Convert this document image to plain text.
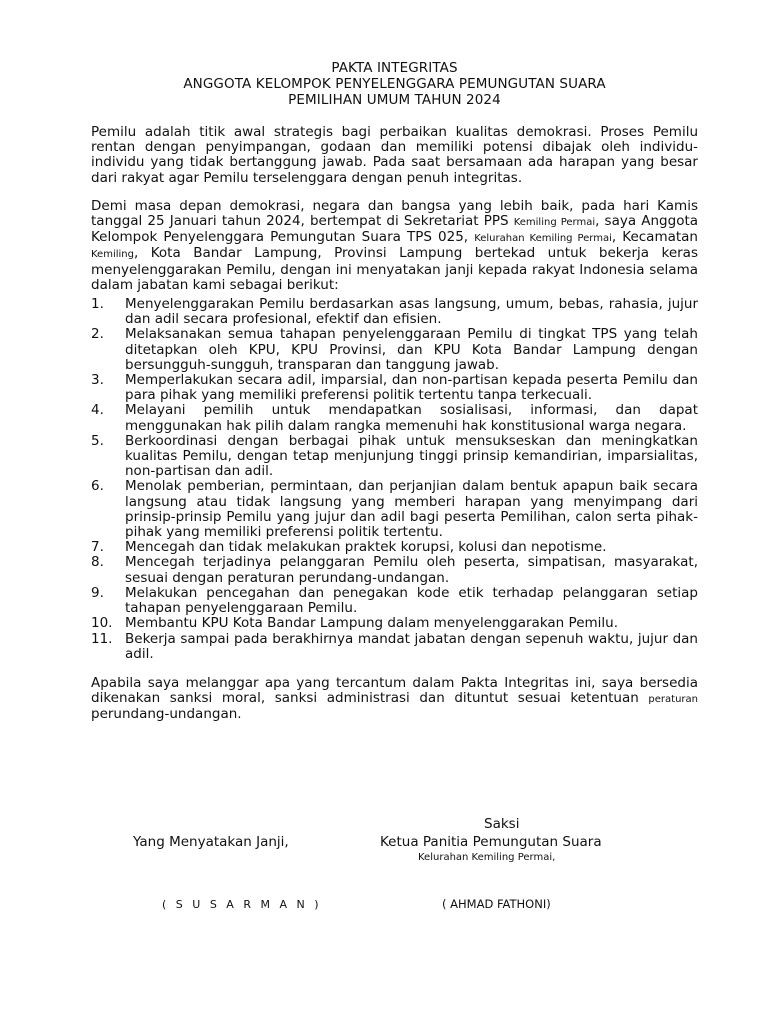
PAKTA INTEGRITAS
ANGGOTA KELOMPOK PENYELENGGARA PEMUNGUTAN SUARA
PEMILIHAN UMUM TAHUN 2024

Pemilu adalah titik awal strategis bagi perbaikan kualitas demokrasi. Proses Pemilu rentan dengan penyimpangan, godaan dan memiliki potensi dibajak oleh individu-individu yang tidak bertanggung jawab. Pada saat bersamaan ada harapan yang besar dari rakyat agar Pemilu terselenggara dengan penuh integritas.

Demi masa depan demokrasi, negara dan bangsa yang lebih baik, pada hari Kamis tanggal 25 Januari tahun 2024, bertempat di Sekretariat PPS Kemiling Permai, saya Anggota Kelompok Penyelenggara Pemungutan Suara TPS 025, Kelurahan Kemiling Permai, Kecamatan Kemiling, Kota Bandar Lampung, Provinsi Lampung bertekad untuk bekerja keras menyelenggarakan Pemilu, dengan ini menyatakan janji kepada rakyat Indonesia selama dalam jabatan kami sebagai berikut:

1.	Menyelenggarakan Pemilu berdasarkan asas langsung, umum, bebas, rahasia, jujur dan adil secara profesional, efektif dan efisien.
2.	Melaksanakan semua tahapan penyelenggaraan Pemilu di tingkat TPS yang telah ditetapkan oleh KPU, KPU Provinsi, dan KPU Kota Bandar Lampung dengan bersungguh-sungguh, transparan dan tanggung jawab.
3.	Memperlakukan secara adil, imparsial, dan non-partisan kepada peserta Pemilu dan para pihak yang memiliki preferensi politik tertentu tanpa terkecuali.
4.	Melayani pemilih untuk mendapatkan sosialisasi, informasi, dan dapat menggunakan hak pilih dalam rangka memenuhi hak konstitusional warga negara.
5.	Berkoordinasi dengan berbagai pihak untuk mensukseskan dan meningkatkan kualitas Pemilu, dengan tetap menjunjung tinggi prinsip kemandirian, imparsialitas, non-partisan dan adil.
6.	Menolak pemberian, permintaan, dan perjanjian dalam bentuk apapun baik secara langsung atau tidak langsung yang memberi harapan yang menyimpang dari prinsip-prinsip Pemilu yang jujur dan adil bagi peserta Pemilihan, calon serta pihak-pihak yang memiliki preferensi politik tertentu.
7.	Mencegah dan tidak melakukan praktek korupsi, kolusi dan nepotisme.
8.	Mencegah terjadinya pelanggaran Pemilu oleh peserta, simpatisan, masyarakat, sesuai dengan peraturan perundang-undangan.
9.	Melakukan pencegahan dan penegakan kode etik terhadap pelanggaran setiap tahapan penyelenggaraan Pemilu.
10. Membantu KPU Kota Bandar Lampung dalam menyelenggarakan Pemilu.
11. Bekerja sampai pada berakhirnya mandat jabatan dengan sepenuh waktu, jujur dan adil.

Apabila saya melanggar apa yang tercantum dalam Pakta Integritas ini, saya bersedia dikenakan sanksi moral, sanksi administrasi dan dituntut sesuai ketentuan peraturan perundang-undangan.

Saksi
Yang Menyatakan Janji,	Ketua Panitia Pemungutan Suara
Kelurahan Kemiling Permai,
( S U S A R M A N )	( AHMAD FATHONI)
